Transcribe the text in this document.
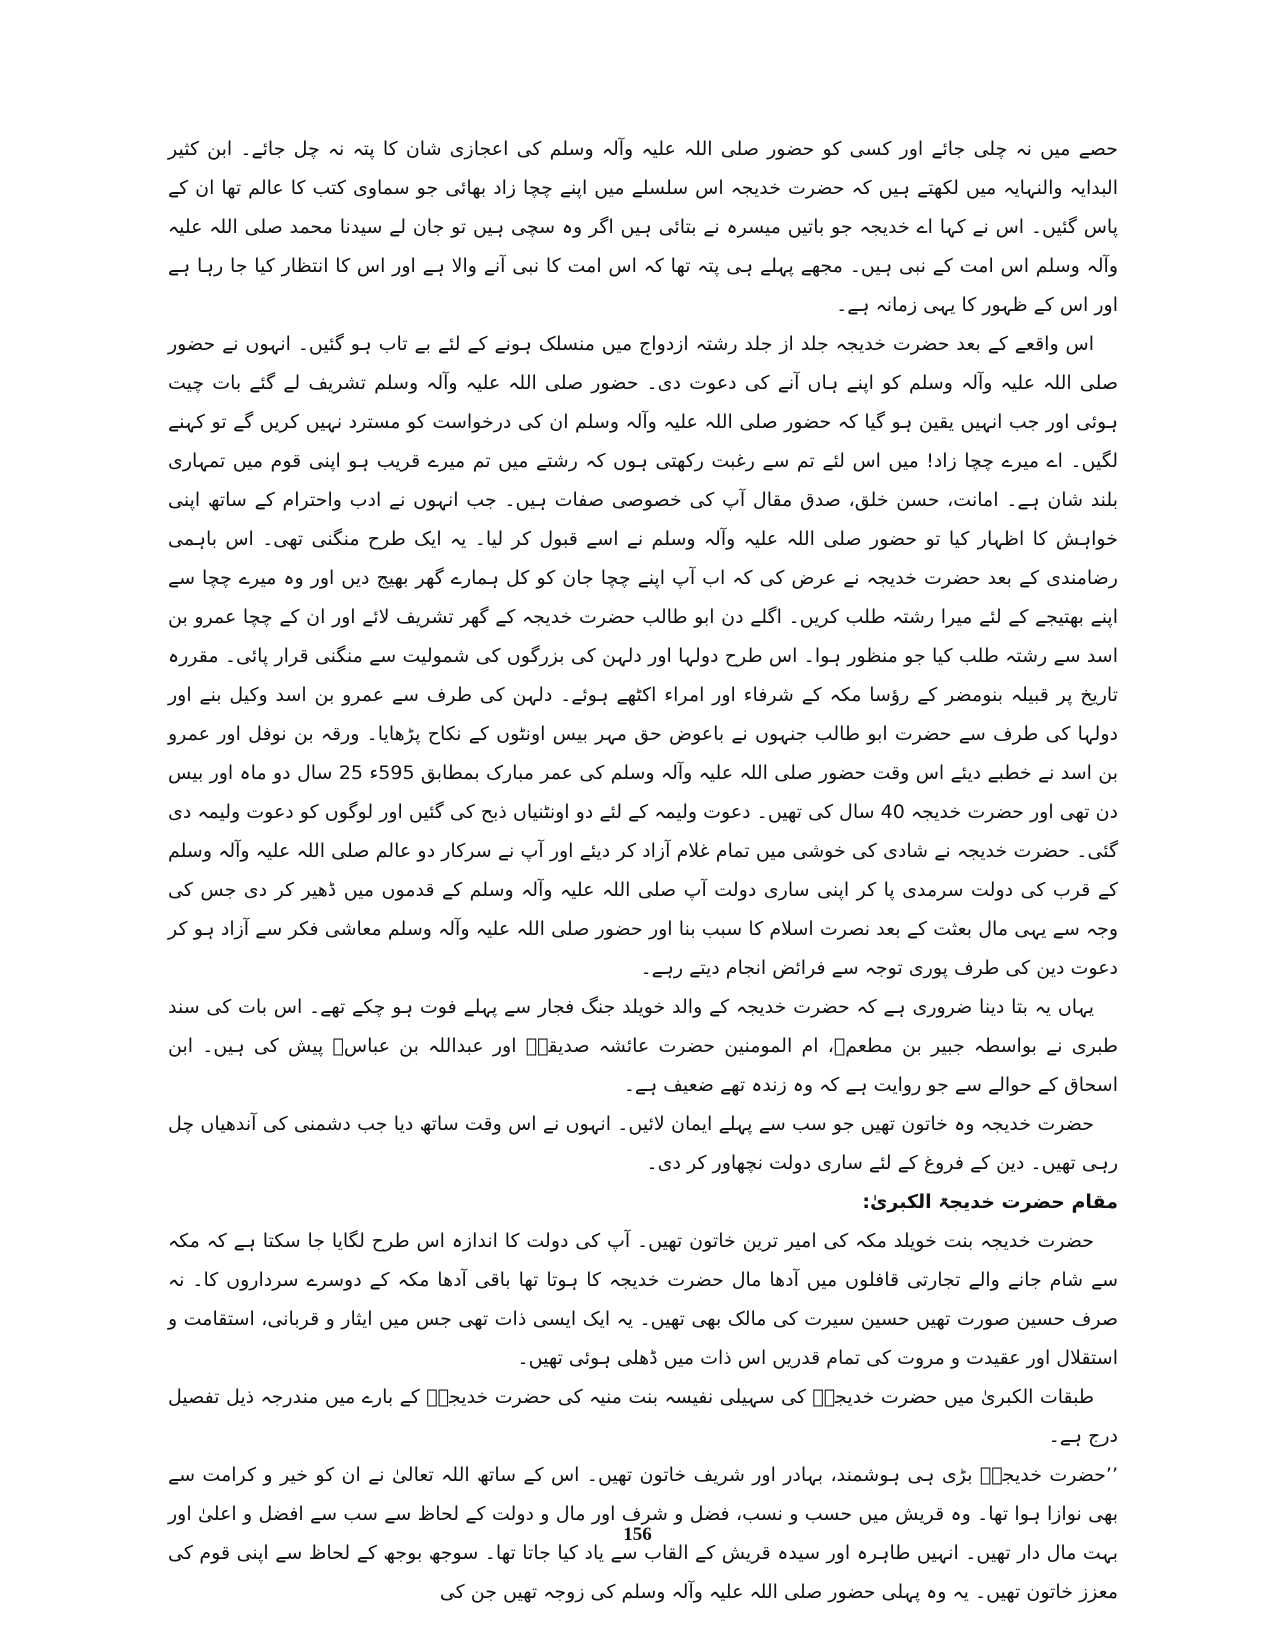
حصے میں نہ چلی جائے اور کسی کو حضور صلی اللہ علیہ وآلہ وسلم کی اعجازی شان کا پتہ نہ چل جائے۔ ابن کثیر البدایہ والنہایہ میں لکھتے ہیں کہ حضرت خدیجہ اس سلسلے میں اپنے چچا زاد بھائی جو سماوی کتب کا عالم تھا ان کے پاس گئیں۔ اس نے کہا اے خدیجہ جو باتیں میسرہ نے بتائی ہیں اگر وہ سچی ہیں تو جان لے سیدنا محمد صلی اللہ علیہ وآلہ وسلم اس امت کے نبی ہیں۔ مجھے پہلے ہی پتہ تھا کہ اس امت کا نبی آنے والا ہے اور اس کا انتظار کیا جا رہا ہے اور اس کے ظہور کا یہی زمانہ ہے۔

اس واقعے کے بعد حضرت خدیجہ جلد از جلد رشتہ ازدواج میں منسلک ہونے کے لئے بے تاب ہو گئیں۔ انہوں نے حضور صلی اللہ علیہ وآلہ وسلم کو اپنے ہاں آنے کی دعوت دی۔ حضور صلی اللہ علیہ وآلہ وسلم تشریف لے گئے بات چیت ہوئی اور جب انہیں یقین ہو گیا کہ حضور صلی اللہ علیہ وآلہ وسلم ان کی درخواست کو مسترد نہیں کریں گے تو کہنے لگیں۔ اے میرے چچا زاد! میں اس لئے تم سے رغبت رکھتی ہوں کہ رشتے میں تم میرے قریب ہو اپنی قوم میں تمہاری بلند شان ہے۔ امانت، حسن خلق، صدق مقال آپ کی خصوصی صفات ہیں۔ جب انہوں نے ادب واحترام کے ساتھ اپنی خواہش کا اظہار کیا تو حضور صلی اللہ علیہ وآلہ وسلم نے اسے قبول کر لیا۔ یہ ایک طرح منگنی تھی۔ اس باہمی رضامندی کے بعد حضرت خدیجہ نے عرض کی کہ اب آپ اپنے چچا جان کو کل ہمارے گھر بھیج دیں اور وہ میرے چچا سے اپنے بھتیجے کے لئے میرا رشتہ طلب کریں۔ اگلے دن ابو طالب حضرت خدیجہ کے گھر تشریف لائے اور ان کے چچا عمرو بن اسد سے رشتہ طلب کیا جو منظور ہوا۔ اس طرح دولہا اور دلہن کی بزرگوں کی شمولیت سے منگنی قرار پائی۔ مقررہ تاریخ پر قبیلہ بنومضر کے رؤسا مکہ کے شرفاء اور امراء اکٹھے ہوئے۔ دلہن کی طرف سے عمرو بن اسد وکیل بنے اور دولہا کی طرف سے حضرت ابو طالب جنہوں نے باعوض حق مہر بیس اونٹوں کے نکاح پڑھایا۔ ورقہ بن نوفل اور عمرو بن اسد نے خطبے دیئے اس وقت حضور صلی اللہ علیہ وآلہ وسلم کی عمر مبارک بمطابق 595ء 25 سال دو ماہ اور بیس دن تھی اور حضرت خدیجہ 40 سال کی تھیں۔ دعوت ولیمہ کے لئے دو اونٹنیاں ذبح کی گئیں اور لوگوں کو دعوت ولیمہ دی گئی۔ حضرت خدیجہ نے شادی کی خوشی میں تمام غلام آزاد کر دیئے اور آپ نے سرکار دو عالم صلی اللہ علیہ وآلہ وسلم کے قرب کی دولت سرمدی پا کر اپنی ساری دولت آپ صلی اللہ علیہ وآلہ وسلم کے قدموں میں ڈھیر کر دی جس کی وجہ سے یہی مال بعثت کے بعد نصرت اسلام کا سبب بنا اور حضور صلی اللہ علیہ وآلہ وسلم معاشی فکر سے آزاد ہو کر دعوت دین کی طرف پوری توجہ سے فرائض انجام دیتے رہے۔

یہاں یہ بتا دینا ضروری ہے کہ حضرت خدیجہ کے والد خویلد جنگ فجار سے پہلے فوت ہو چکے تھے۔ اس بات کی سند طبری نے بواسطہ جبیر بن مطعمؓ، ام المومنین حضرت عائشہ صدیقہؓ اور عبداللہ بن عباسؓ پیش کی ہیں۔ ابن اسحاق کے حوالے سے جو روایت ہے کہ وہ زندہ تھے ضعیف ہے۔

حضرت خدیجہ وہ خاتون تھیں جو سب سے پہلے ایمان لائیں۔ انہوں نے اس وقت ساتھ دیا جب دشمنی کی آندھیاں چل رہی تھیں۔ دین کے فروغ کے لئے ساری دولت نچھاور کر دی۔

مقام حضرت خدیجۃ الکبریٰ:

حضرت خدیجہ بنت خویلد مکہ کی امیر ترین خاتون تھیں۔ آپ کی دولت کا اندازہ اس طرح لگایا جا سکتا ہے کہ مکہ سے شام جانے والے تجارتی قافلوں میں آدھا مال حضرت خدیجہ کا ہوتا تھا باقی آدھا مکہ کے دوسرے سرداروں کا۔ نہ صرف حسین صورت تھیں حسین سیرت کی مالک بھی تھیں۔ یہ ایک ایسی ذات تھی جس میں ایثار و قربانی، استقامت و استقلال اور عقیدت و مروت کی تمام قدریں اس ذات میں ڈھلی ہوئی تھیں۔

طبقات الکبریٰ میں حضرت خدیجہؓ کی سہیلی نفیسہ بنت منیہ کی حضرت خدیجہؓ کے بارے میں مندرجہ ذیل تفصیل درج ہے۔

’’حضرت خدیجہؓ بڑی ہی ہوشمند، بہادر اور شریف خاتون تھیں۔ اس کے ساتھ اللہ تعالیٰ نے ان کو خیر و کرامت سے بھی نوازا ہوا تھا۔ وہ قریش میں حسب و نسب، فضل و شرف اور مال و دولت کے لحاظ سے سب سے افضل و اعلیٰ اور بہت مال دار تھیں۔ انہیں طاہرہ اور سیدہ قریش کے القاب سے یاد کیا جاتا تھا۔ سوجھ بوجھ کے لحاظ سے اپنی قوم کی معزز خاتون تھیں۔ یہ وہ پہلی حضور صلی اللہ علیہ وآلہ وسلم کی زوجہ تھیں جن کی

156
